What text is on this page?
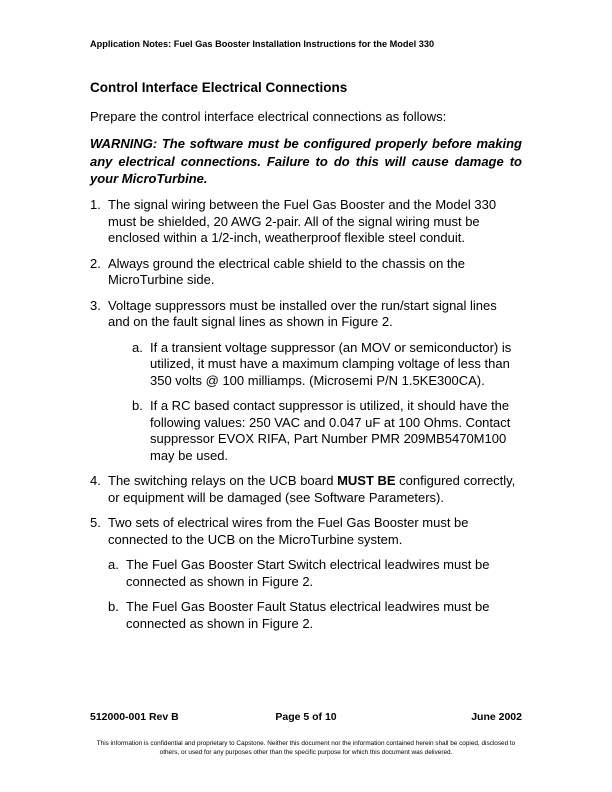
Application Notes: Fuel Gas Booster Installation Instructions for the Model 330
Control Interface Electrical Connections
Prepare the control interface electrical connections as follows:
WARNING: The software must be configured properly before making any electrical connections. Failure to do this will cause damage to your MicroTurbine.
1. The signal wiring between the Fuel Gas Booster and the Model 330 must be shielded, 20 AWG 2-pair. All of the signal wiring must be enclosed within a 1/2-inch, weatherproof flexible steel conduit.
2. Always ground the electrical cable shield to the chassis on the MicroTurbine side.
3. Voltage suppressors must be installed over the run/start signal lines and on the fault signal lines as shown in Figure 2.
a. If a transient voltage suppressor (an MOV or semiconductor) is utilized, it must have a maximum clamping voltage of less than 350 volts @ 100 milliamps. (Microsemi P/N 1.5KE300CA).
b. If a RC based contact suppressor is utilized, it should have the following values: 250 VAC and 0.047 uF at 100 Ohms. Contact suppressor EVOX RIFA, Part Number PMR 209MB5470M100 may be used.
4. The switching relays on the UCB board MUST BE configured correctly, or equipment will be damaged (see Software Parameters).
5. Two sets of electrical wires from the Fuel Gas Booster must be connected to the UCB on the MicroTurbine system.
a. The Fuel Gas Booster Start Switch electrical leadwires must be connected as shown in Figure 2.
b. The Fuel Gas Booster Fault Status electrical leadwires must be connected as shown in Figure 2.
512000-001 Rev B	Page 5 of 10	June 2002
This information is confidential and proprietary to Capstone. Neither this document nor the information contained herein shall be copied, disclosed to others, or used for any purposes other than the specific purpose for which this document was delivered.
